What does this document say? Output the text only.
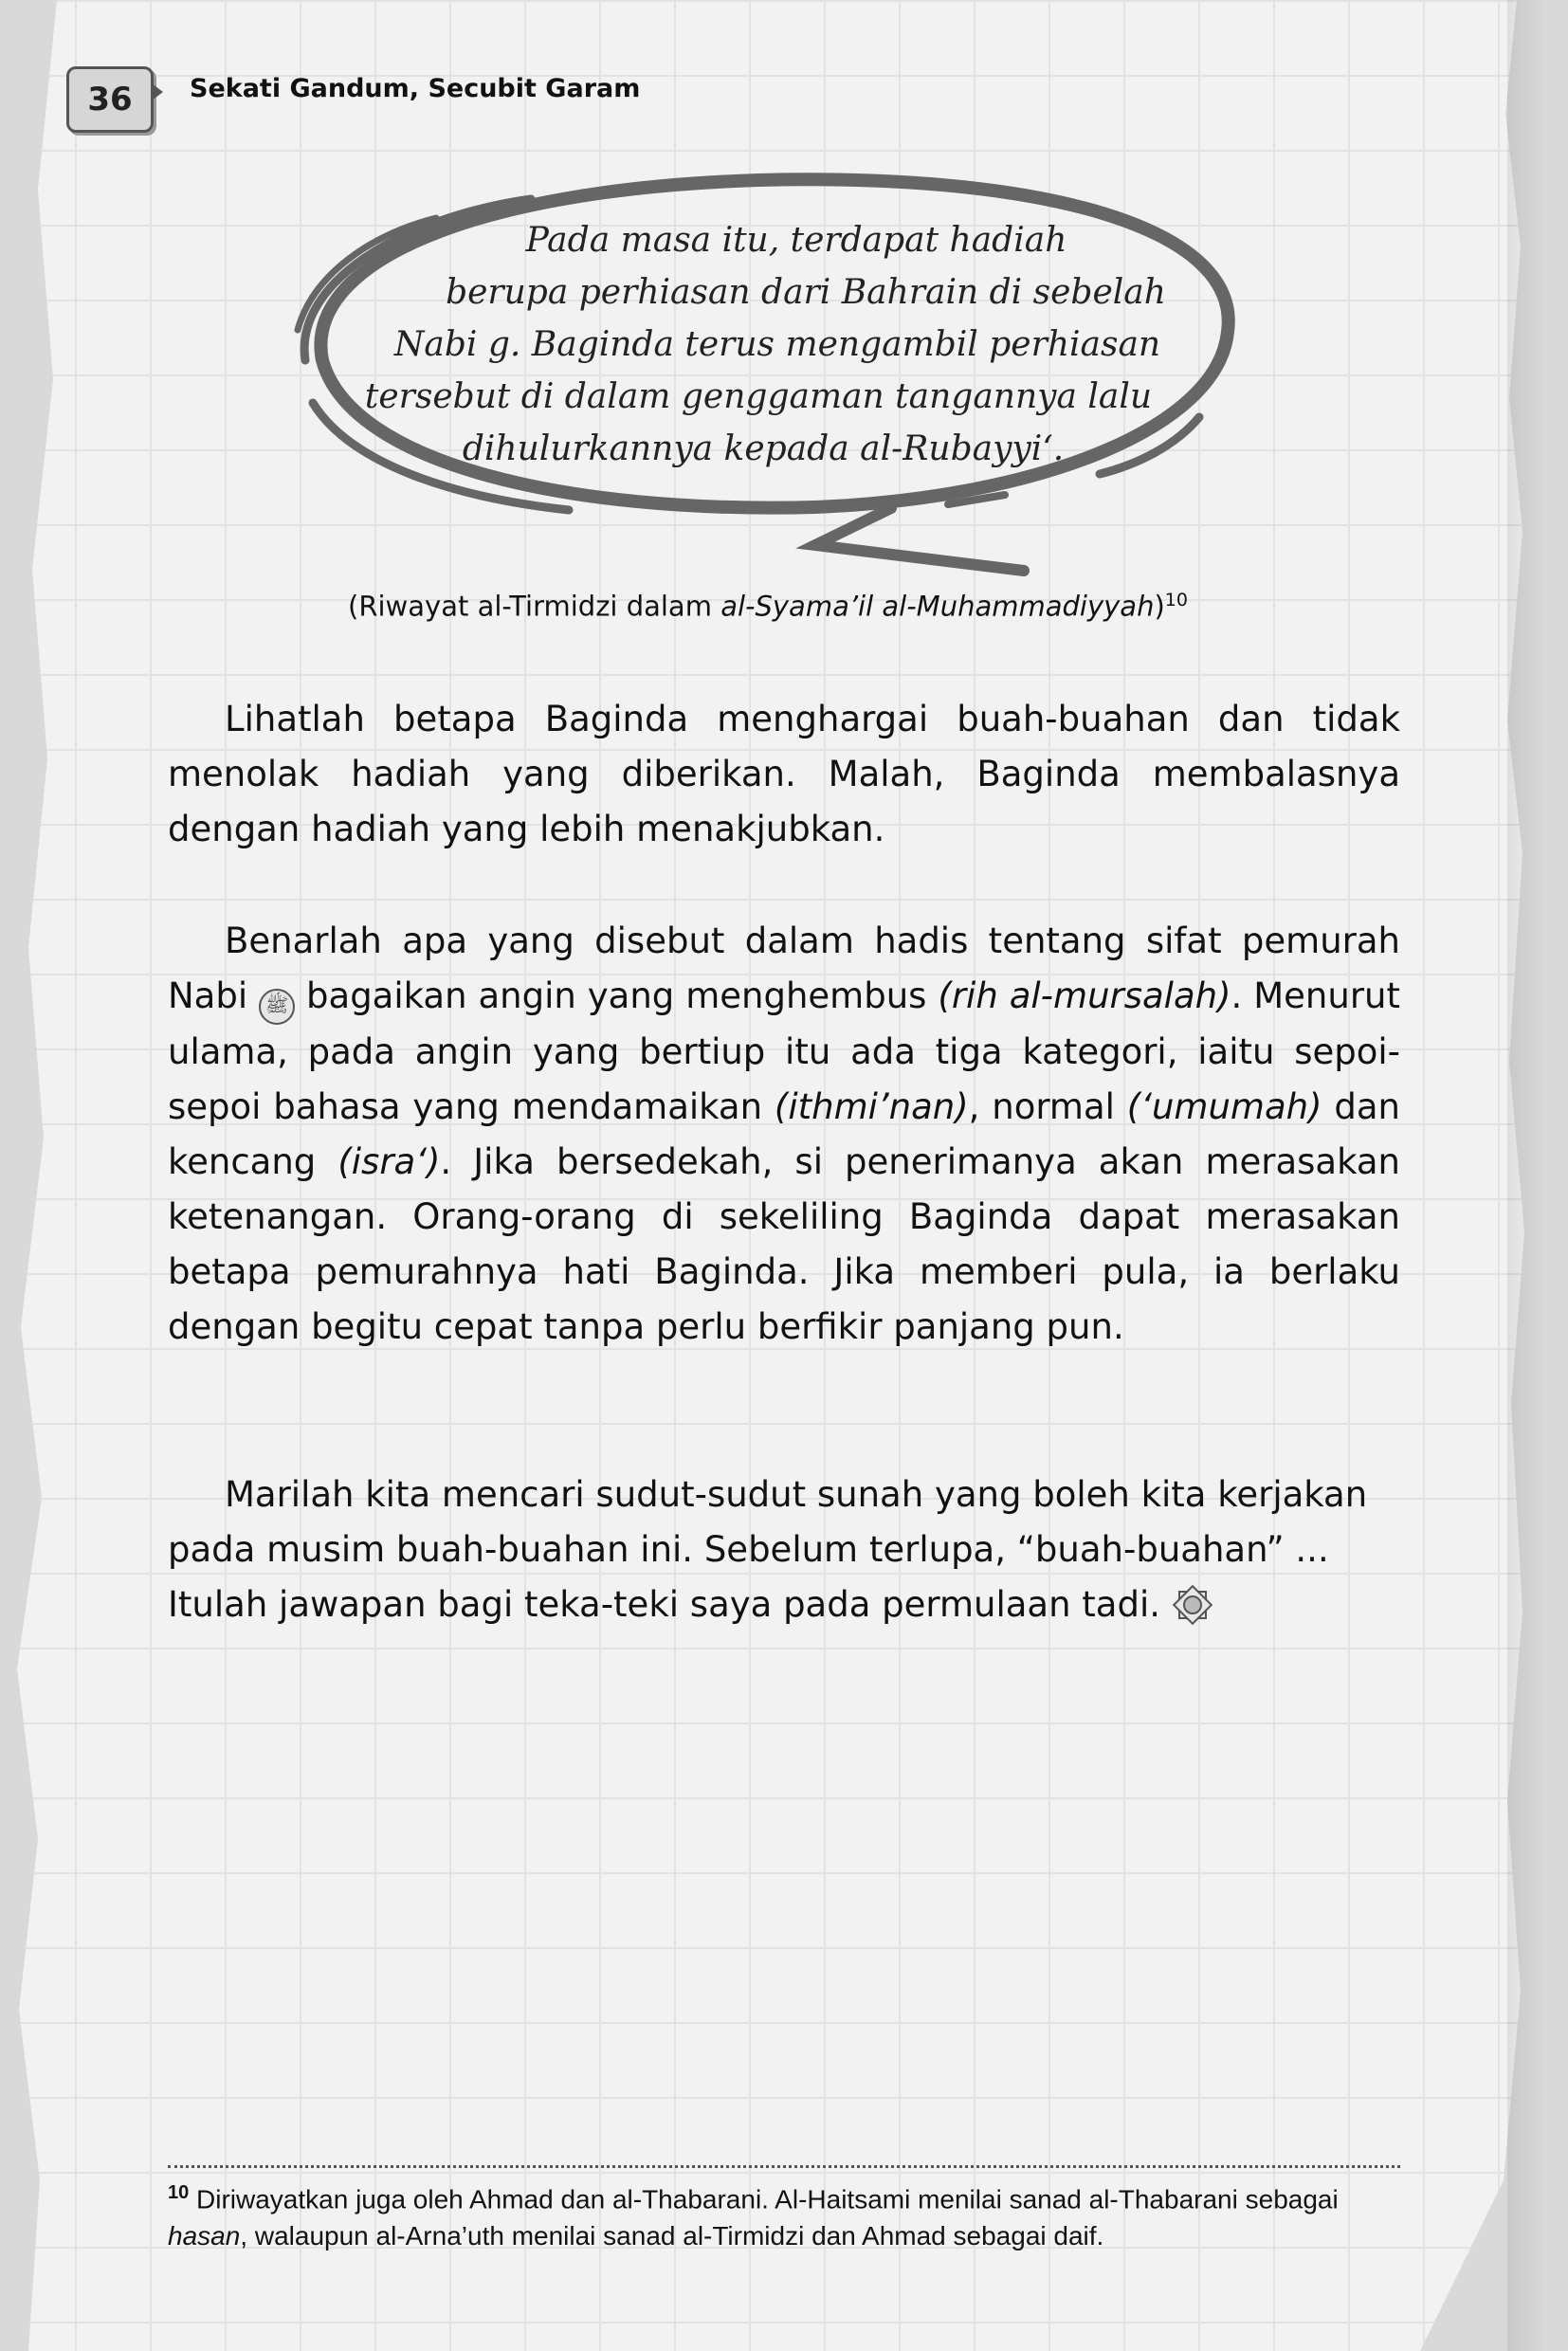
36 Sekati Gandum, Secubit Garam
Pada masa itu, terdapat hadiah
berupa perhiasan dari Bahrain di sebelah
Nabi g. Baginda terus mengambil perhiasan
tersebut di dalam genggaman tangannya lalu
dihulurkannya kepada al-Rubayyi‘.
(Riwayat al-Tirmidzi dalam al-Syama’il al-Muhammadiyyah)$^{10}$

Lihatlah betapa Baginda menghargai buah-buahan dan tidak menolak hadiah yang diberikan. Malah, Baginda membalasnya dengan hadiah yang lebih menakjubkan.

Benarlah apa yang disebut dalam hadis tentang sifat pemurah Nabi ﷺ bagaikan angin yang menghembus (rih al-mursalah). Menurut ulama, pada angin yang bertiup itu ada tiga kategori, iaitu sepoi-sepoi bahasa yang mendamaikan (ithmi’nan), normal (‘umumah) dan kencang (isra‘). Jika bersedekah, si penerimanya akan merasakan ketenangan. Orang-orang di sekeliling Baginda dapat merasakan betapa pemurahnya hati Baginda. Jika memberi pula, ia berlaku dengan begitu cepat tanpa perlu berfikir panjang pun.

Marilah kita mencari sudut-sudut sunah yang boleh kita kerjakan pada musim buah-buahan ini. Sebelum terlupa, “buah-buahan” ... Itulah jawapan bagi teka-teki saya pada permulaan tadi.

$^{10}$ Diriwayatkan juga oleh Ahmad dan al-Thabarani. Al-Haitsami menilai sanad al-Thabarani sebagai hasan, walaupun al-Arna’uth menilai sanad al-Tirmidzi dan Ahmad sebagai daif.
